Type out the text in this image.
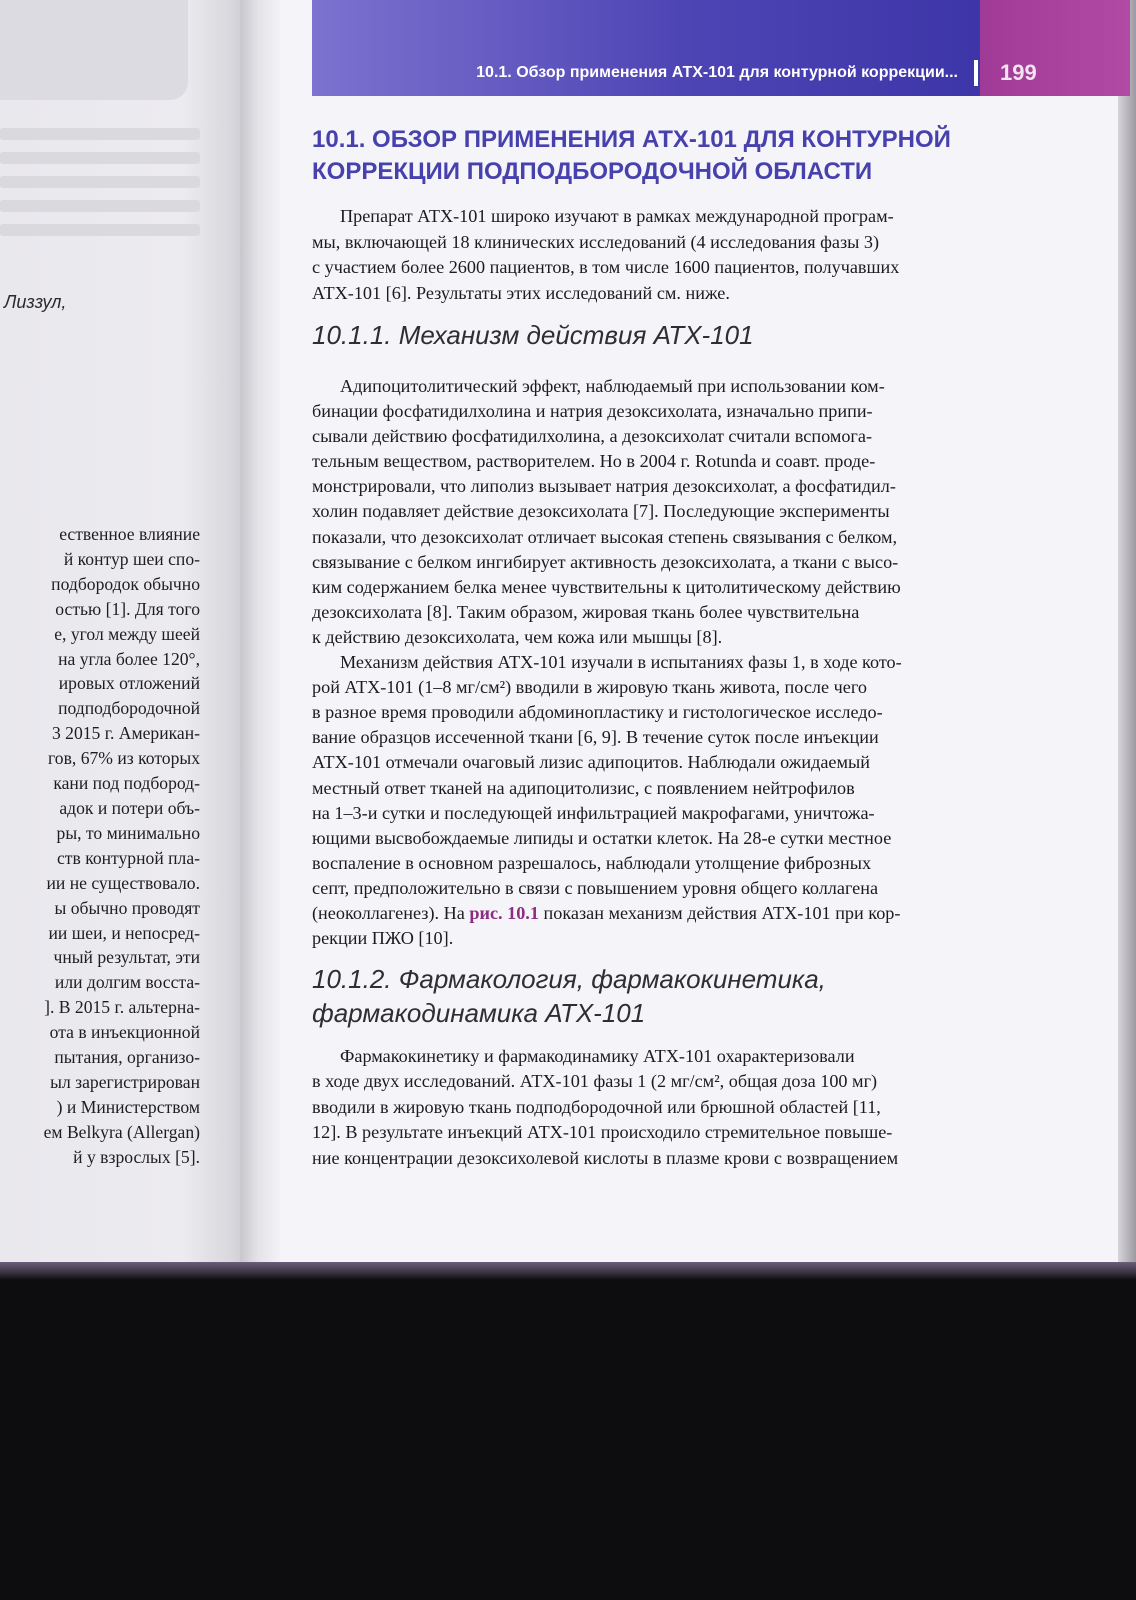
Лиззул,
ественное влияние
й контур шеи спо-
подбородок обычно
остью [1]. Для того
е, угол между шеей
на угла более 120°,
ировых отложений
подподбородочной
3 2015 г. Американ-
гов, 67% из которых
кани под подбород-
адок и потери объ-
ры, то минимально
ств контурной пла-
ии не существовало.
ы обычно проводят
ии шеи, и непосред-
чный результат, эти
или долгим восста-
]. В 2015 г. альтерна-
ота в инъекционной
пытания, организо-
ыл зарегистрирован
) и Министерством
ем Belkyra (Allergan)
й у взрослых [5].
10.1. Обзор применения АТХ-101 для контурной коррекции... 199
10.1. ОБЗОР ПРИМЕНЕНИЯ АТХ-101 ДЛЯ КОНТУРНОЙ
КОРРЕКЦИИ ПОДПОДБОРОДОЧНОЙ ОБЛАСТИ
Препарат АТХ-101 широко изучают в рамках международной програм-
мы, включающей 18 клинических исследований (4 исследования фазы 3)
с участием более 2600 пациентов, в том числе 1600 пациентов, получавших
АТХ-101 [6]. Результаты этих исследований см. ниже.
10.1.1. Механизм действия АТХ-101
Адипоцитолитический эффект, наблюдаемый при использовании ком-
бинации фосфатидилхолина и натрия дезоксихолата, изначально припи-
сывали действию фосфатидилхолина, а дезоксихолат считали вспомога-
тельным веществом, растворителем. Но в 2004 г. Rotunda и соавт. проде-
монстрировали, что липолиз вызывает натрия дезоксихолат, а фосфатидил-
холин подавляет действие дезоксихолата [7]. Последующие эксперименты
показали, что дезоксихолат отличает высокая степень связывания с белком,
связывание с белком ингибирует активность дезоксихолата, а ткани с высо-
ким содержанием белка менее чувствительны к цитолитическому действию
дезоксихолата [8]. Таким образом, жировая ткань более чувствительна
к действию дезоксихолата, чем кожа или мышцы [8].
Механизм действия АТХ-101 изучали в испытаниях фазы 1, в ходе кото-
рой АТХ-101 (1–8 мг/см²) вводили в жировую ткань живота, после чего
в разное время проводили абдоминопластику и гистологическое исследо-
вание образцов иссеченной ткани [6, 9]. В течение суток после инъекции
АТХ-101 отмечали очаговый лизис адипоцитов. Наблюдали ожидаемый
местный ответ тканей на адипоцитолизис, с появлением нейтрофилов
на 1–3-и сутки и последующей инфильтрацией макрофагами, уничтожа-
ющими высвобождаемые липиды и остатки клеток. На 28-е сутки местное
воспаление в основном разрешалось, наблюдали утолщение фиброзных
септ, предположительно в связи с повышением уровня общего коллагена
(неоколлагенез). На рис. 10.1 показан механизм действия АТХ-101 при кор-
рекции ПЖО [10].
10.1.2. Фармакология, фармакокинетика,
фармакодинамика АТХ-101
Фармакокинетику и фармакодинамику АТХ-101 охарактеризовали
в ходе двух исследований. АТХ-101 фазы 1 (2 мг/см², общая доза 100 мг)
вводили в жировую ткань подподбородочной или брюшной областей [11,
12]. В результате инъекций АТХ-101 происходило стремительное повыше-
ние концентрации дезоксихолевой кислоты в плазме крови с возвращением
